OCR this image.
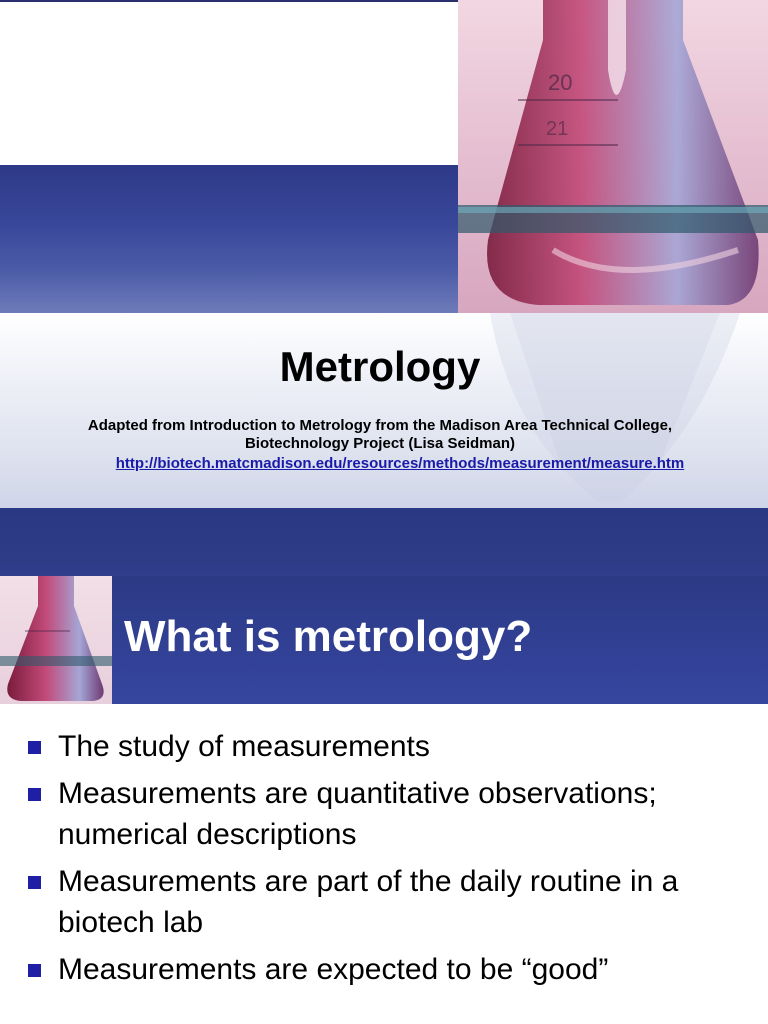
20
21
Metrology
Adapted from Introduction to Metrology from the Madison Area Technical College,
Biotechnology Project (Lisa Seidman)
http://biotech.matcmadison.edu/resources/methods/measurement/measure.htm
What is metrology?
The study of measurements
Measurements are quantitative observations; numerical descriptions
Measurements are part of the daily routine in a biotech lab
Measurements are expected to be “good”
